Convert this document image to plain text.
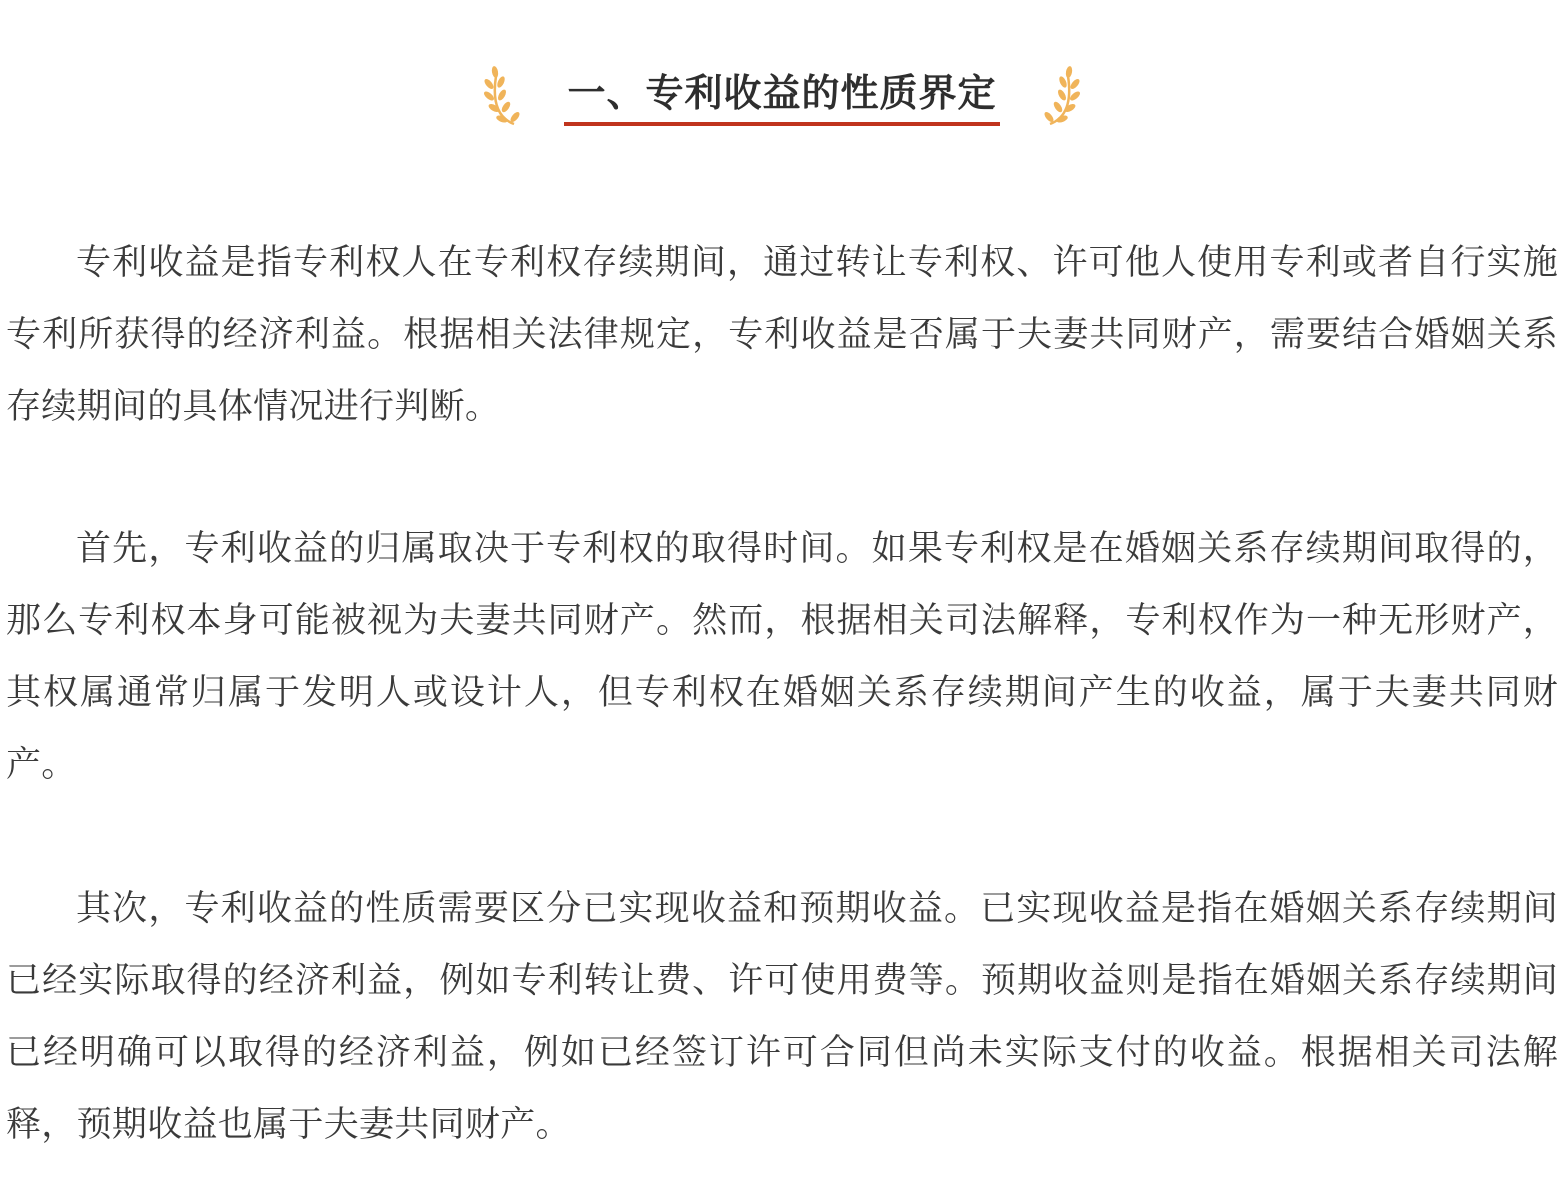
一、专利收益的性质界定

专利收益是指专利权人在专利权存续期间，通过转让专利权、许可他人使用专利或者自行实施专利所获得的经济利益。根据相关法律规定，专利收益是否属于夫妻共同财产，需要结合婚姻关系存续期间的具体情况进行判断。

首先，专利收益的归属取决于专利权的取得时间。如果专利权是在婚姻关系存续期间取得的，那么专利权本身可能被视为夫妻共同财产。然而，根据相关司法解释，专利权作为一种无形财产，其权属通常归属于发明人或设计人，但专利权在婚姻关系存续期间产生的收益，属于夫妻共同财产。

其次，专利收益的性质需要区分已实现收益和预期收益。已实现收益是指在婚姻关系存续期间已经实际取得的经济利益，例如专利转让费、许可使用费等。预期收益则是指在婚姻关系存续期间已经明确可以取得的经济利益，例如已经签订许可合同但尚未实际支付的收益。根据相关司法解释，预期收益也属于夫妻共同财产。
